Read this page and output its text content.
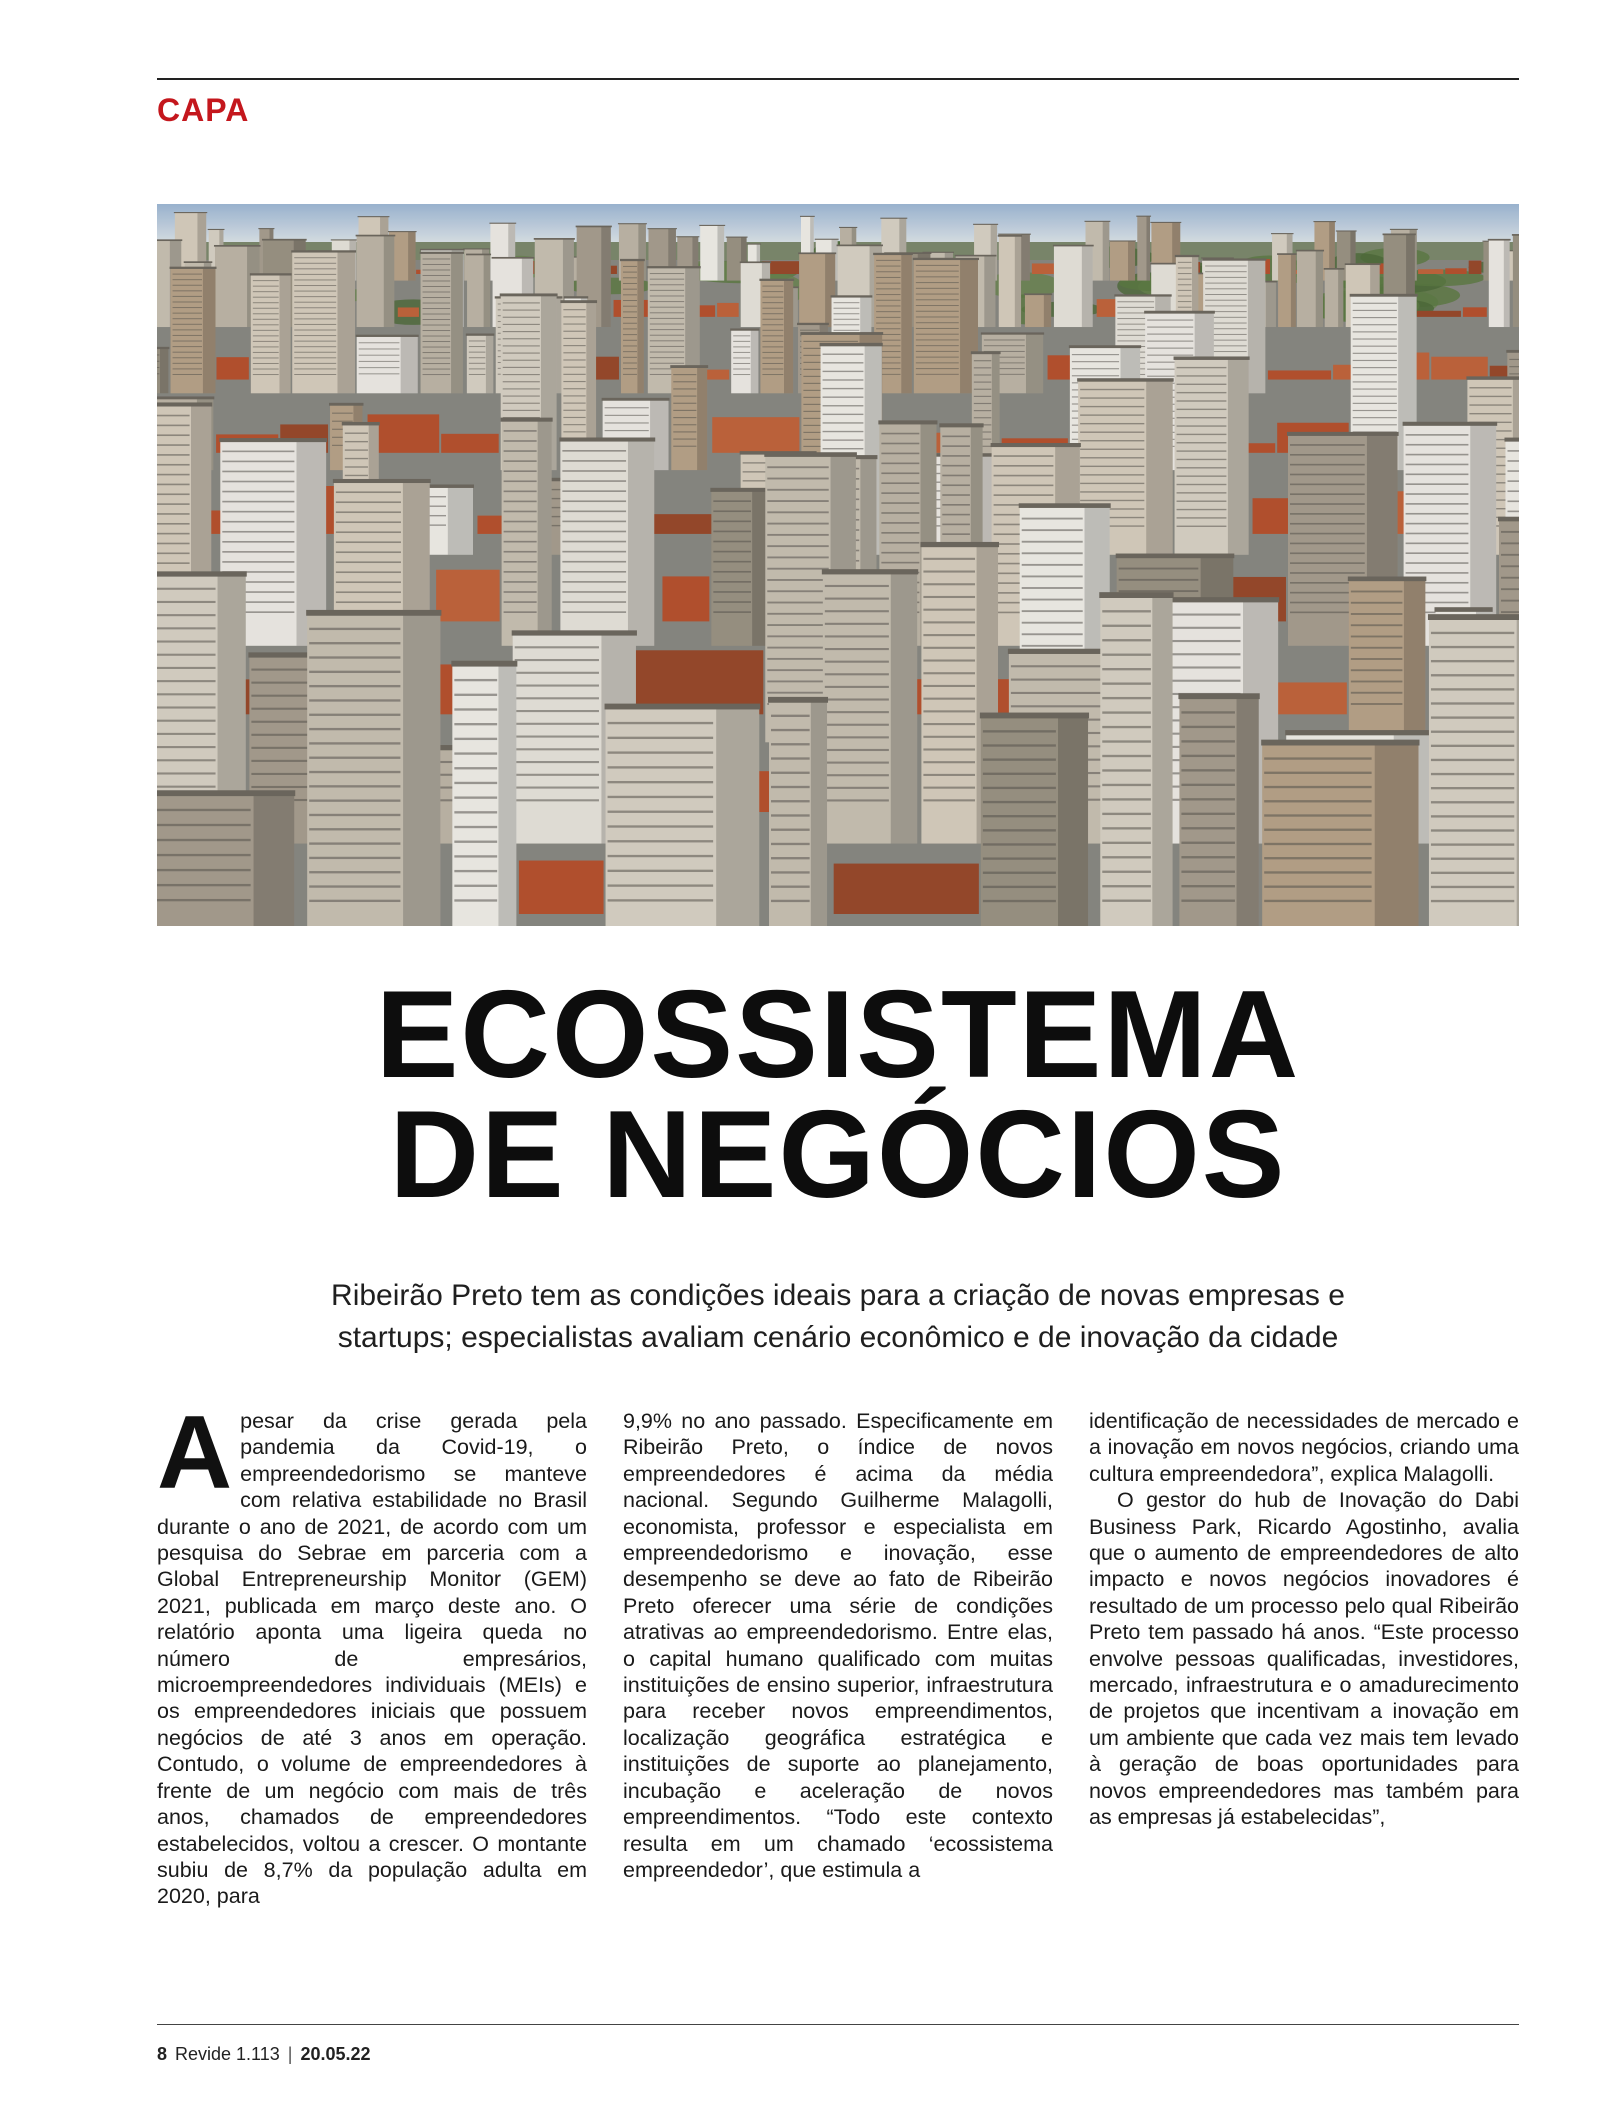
CAPA
ECOSSISTEMA
DE NEGÓCIOS
Ribeirão Preto tem as condições ideais para a criação de novas empresas e
startups; especialistas avaliam cenário econômico e de inovação da cidade

Apesar da crise gerada pela pandemia da Covid-19, o empreendedorismo se manteve com relativa estabilidade no Brasil durante o ano de 2021, de acordo com um pesquisa do Sebrae em parceria com a Global Entrepreneurship Monitor (GEM) 2021, publicada em março deste ano. O relatório aponta uma ligeira queda no número de empresários, microempreendedores individuais (MEIs) e os empreendedores iniciais que possuem negócios de até 3 anos em operação. Contudo, o volume de empreendedores à frente de um negócio com mais de três anos, chamados de empreendedores estabelecidos, voltou a crescer. O montante subiu de 8,7% da população adulta em 2020, para

9,9% no ano passado. Especificamente em Ribeirão Preto, o índice de novos empreendedores é acima da média nacional. Segundo Guilherme Malagolli, economista, professor e especialista em empreendedorismo e inovação, esse desempenho se deve ao fato de Ribeirão Preto oferecer uma série de condições atrativas ao empreendedorismo. Entre elas, o capital humano qualificado com muitas instituições de ensino superior, infraestrutura para receber novos empreendimentos, localização geográfica estratégica e instituições de suporte ao planejamento, incubação e aceleração de novos empreendimentos. “Todo este contexto resulta em um chamado ‘ecossistema empreendedor’, que estimula a

identificação de necessidades de mercado e a inovação em novos negócios, criando uma cultura empreendedora”, explica Malagolli.

O gestor do hub de Inovação do Dabi Business Park, Ricardo Agostinho, avalia que o aumento de empreendedores de alto impacto e novos negócios inovadores é resultado de um processo pelo qual Ribeirão Preto tem passado há anos. “Este processo envolve pessoas qualificadas, investidores, mercado, infraestrutura e o amadurecimento de projetos que incentivam a inovação em um ambiente que cada vez mais tem levado à geração de boas oportunidades para novos empreendedores mas também para as empresas já estabelecidas”,

8 Revide 1.113 | 20.05.22
